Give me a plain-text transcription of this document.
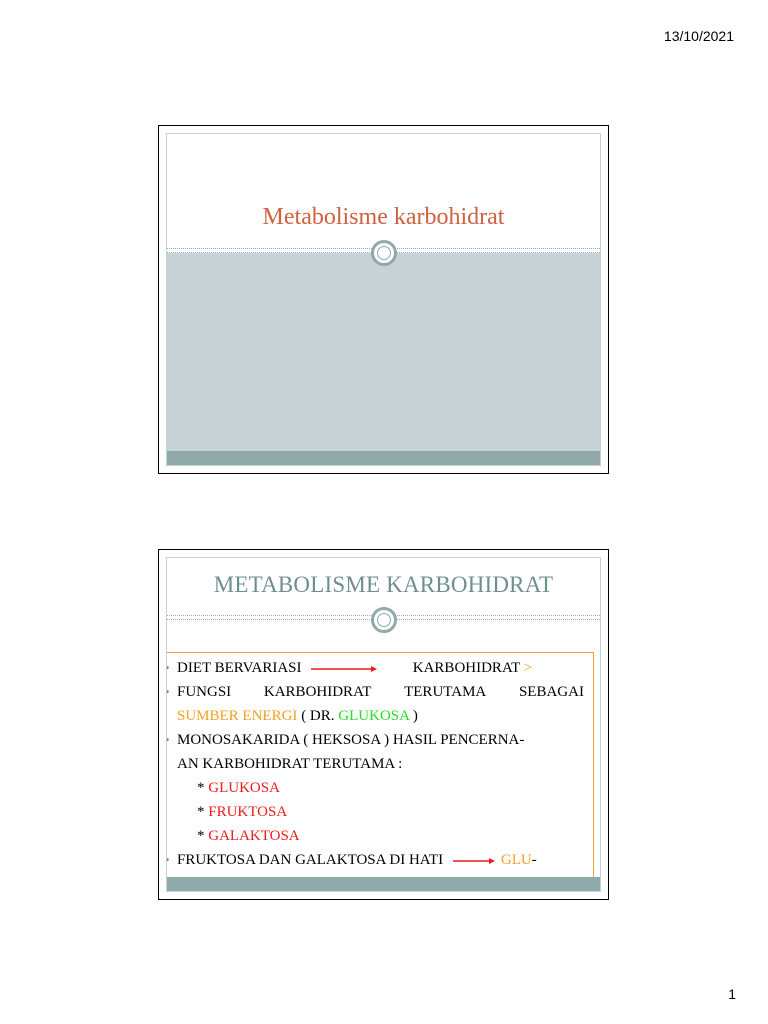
13/10/2021
Metabolisme karbohidrat
METABOLISME KARBOHIDRAT
• DIET BERVARIASI	KARBOHIDRAT >
• FUNGSI KARBOHIDRAT TERUTAMA SEBAGAI
SUMBER ENERGI ( DR. GLUKOSA )
• MONOSAKARIDA ( HEKSOSA ) HASIL PENCERNA-
AN KARBOHIDRAT TERUTAMA :
* GLUKOSA
* FRUKTOSA
* GALAKTOSA
• FRUKTOSA DAN GALAKTOSA DI HATI	GLU-
1
